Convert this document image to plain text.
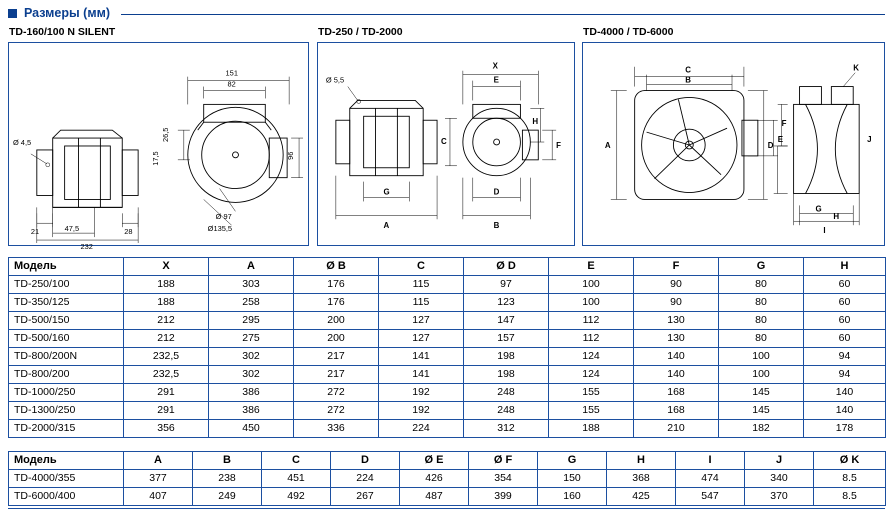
Размеры (мм)
TD-160/100 N SILENT	TD-250 / TD-2000	TD-4000 / TD-6000
Ø 4,5
21	28
47,5
232
151
82
26,5
17,5	96
Ø 97
Ø135,5
Ø 5,5
G
A
X
E
C
H
F
D
B
C
B
A	D
E
K
F
G
H
I
J
Модель	X	A	Ø B	C	Ø D	E	F	G	H
TD-250/100	188	303	176	115	97	100	90	80	60
TD-350/125	188	258	176	115	123	100	90	80	60
TD-500/150	212	295	200	127	147	112	130	80	60
TD-500/160	212	275	200	127	157	112	130	80	60
TD-800/200N	232,5	302	217	141	198	124	140	100	94
TD-800/200	232,5	302	217	141	198	124	140	100	94
TD-1000/250	291	386	272	192	248	155	168	145	140
TD-1300/250	291	386	272	192	248	155	168	145	140
TD-2000/315	356	450	336	224	312	188	210	182	178
Модель	A	B	C	D	Ø E	Ø F	G	H	I	J	Ø K
TD-4000/355	377	238	451	224	426	354	150	368	474	340	8.5
TD-6000/400	407	249	492	267	487	399	160	425	547	370	8.5
